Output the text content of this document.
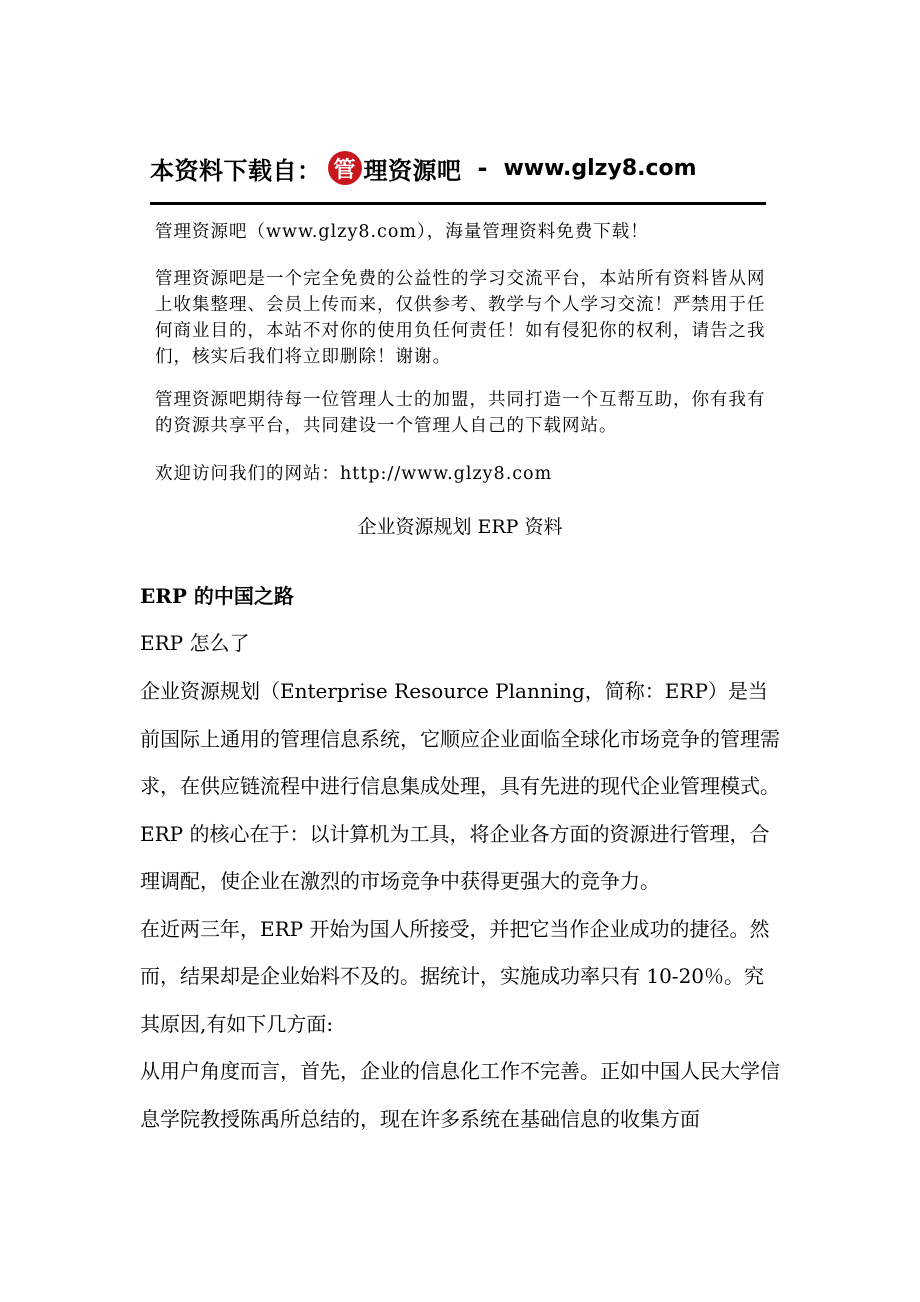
本资料下载自： 管 理资源吧 - www.glzy8.com
管理资源吧（www.glzy8.com），海量管理资料免费下载！
管理资源吧是一个完全免费的公益性的学习交流平台，本站所有资料皆从网上收集整理、会员上传而来，仅供参考、教学与个人学习交流！严禁用于任何商业目的，本站不对你的使用负任何责任！如有侵犯你的权利，请告之我们，核实后我们将立即删除！谢谢。
管理资源吧期待每一位管理人士的加盟，共同打造一个互帮互助，你有我有的资源共享平台，共同建设一个管理人自己的下载网站。
欢迎访问我们的网站：http://www.glzy8.com
企业资源规划 ERP 资料
ERP 的中国之路
ERP 怎么了

企业资源规划（Enterprise Resource Planning，简称：ERP）是当前国际上通用的管理信息系统，它顺应企业面临全球化市场竞争的管理需求，在供应链流程中进行信息集成处理，具有先进的现代企业管理模式。ERP 的核心在于：以计算机为工具，将企业各方面的资源进行管理，合理调配，使企业在激烈的市场竞争中获得更强大的竞争力。

在近两三年，ERP 开始为国人所接受，并把它当作企业成功的捷径。然而，结果却是企业始料不及的。据统计，实施成功率只有 10-20％。究其原因,有如下几方面:

从用户角度而言，首先，企业的信息化工作不完善。正如中国人民大学信息学院教授陈禹所总结的，现在许多系统在基础信息的收集方面
